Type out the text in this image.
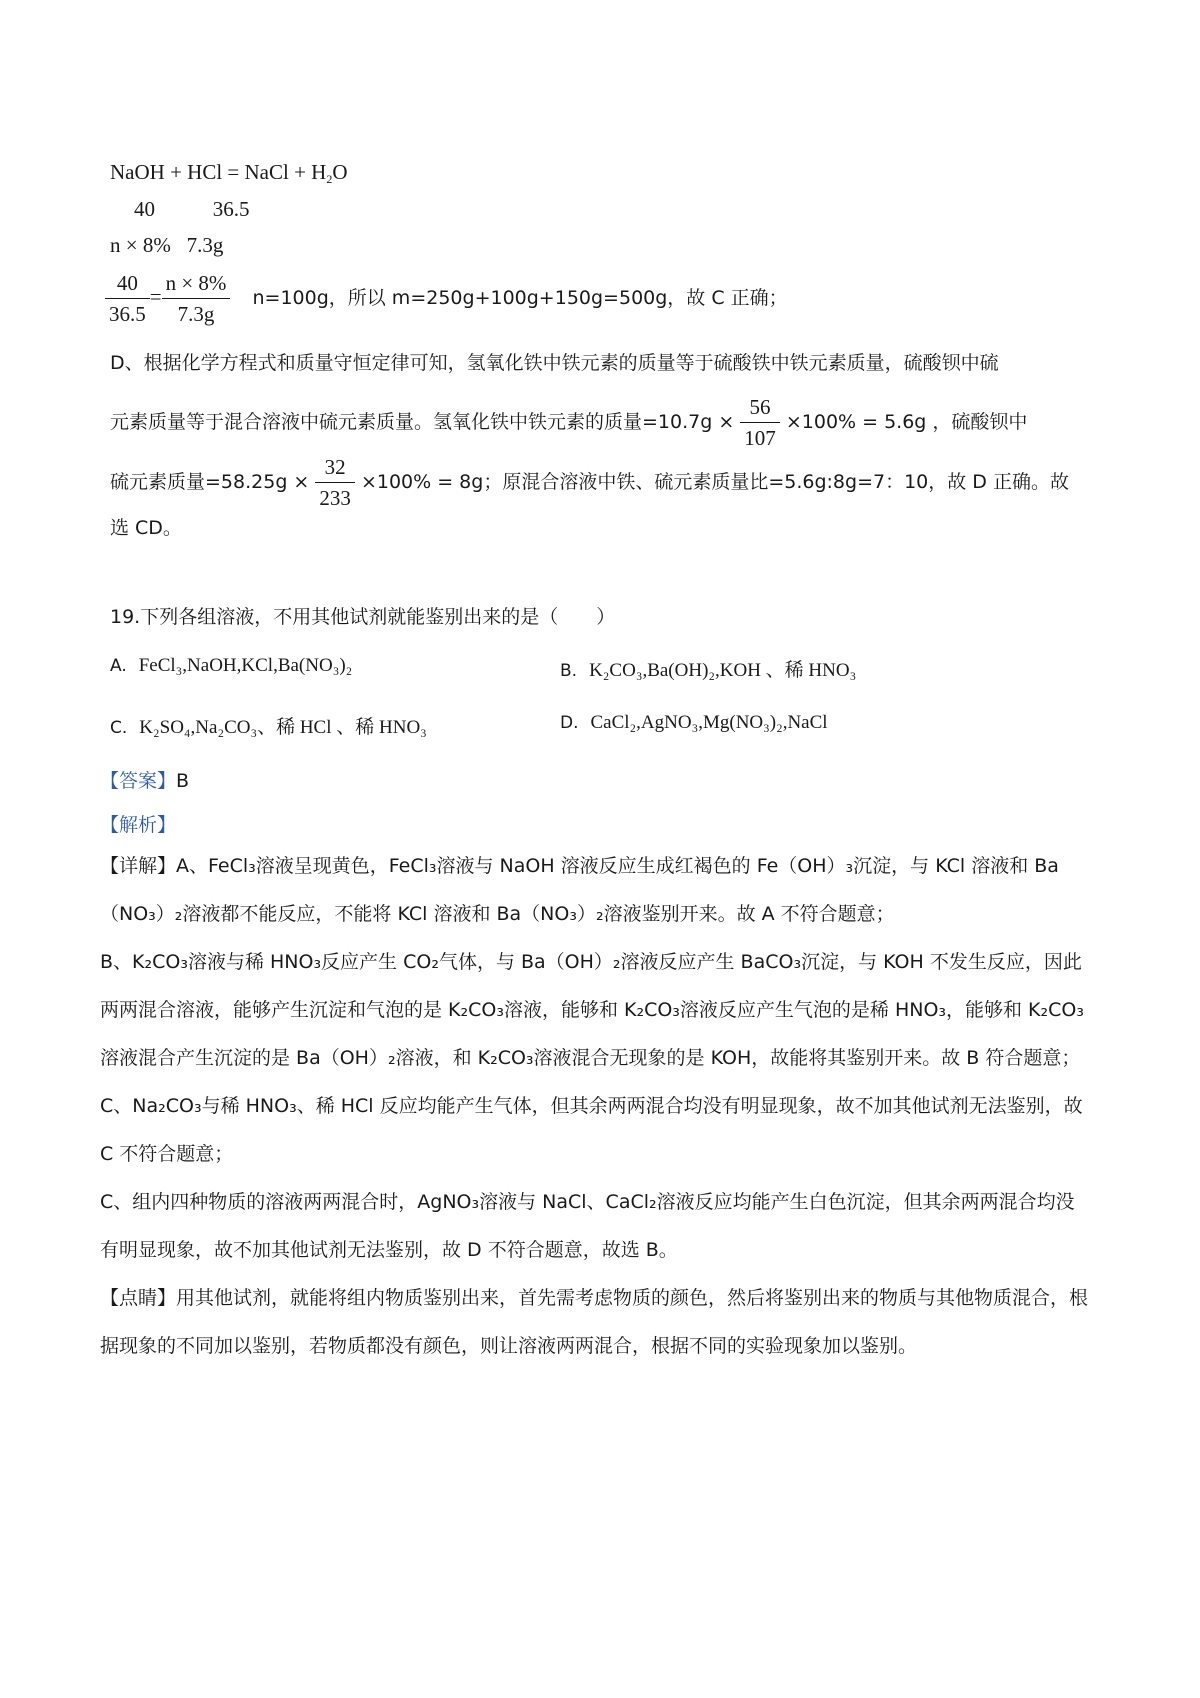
NaOH + HCl = NaCl + $H_2O$
40   36.5
n × 8%   7.3g
$\frac{40}{36.5} = \frac{n \times 8\%}{7.3g} n=100g$，所以 m=250g+100g+150g=500g，故 C 正确；
D、根据化学方程式和质量守恒定律可知，氢氧化铁中铁元素的质量等于硫酸铁中铁元素质量，硫酸钡中硫
元素质量等于混合溶液中硫元素质量。氢氧化铁中铁元素的质量$=10.7g \times \frac{56}{107} \times 100\% = 5.6g$ ，硫酸钡中
硫元素质量$=58.25g \times \frac{32}{233} \times 100\% = 8g$；原混合溶液中铁、硫元素质量比=5.6g:8g=7：10，故 D 正确。故
选 CD。
19.下列各组溶液，不用其他试剂就能鉴别出来的是（　　）
A. FeCl₃,NaOH,KCl,Ba(NO₃)₂	B. K₂CO₃,Ba(OH)₂,KOH 、稀 HNO₃
C. K₂SO₄,Na₂CO₃、稀 HCl 、稀 HNO₃	D. CaCl₂,AgNO₃,Mg(NO₃)₂,NaCl
【答案】B
【解析】
【详解】A、FeCl₃溶液呈现黄色，FeCl₃溶液与 NaOH 溶液反应生成红褐色的 Fe（OH）₃沉淀，与 KCl 溶液和 Ba（NO₃）₂溶液都不能反应，不能将 KCl 溶液和 Ba（NO₃）₂溶液鉴别开来。故 A 不符合题意；
B、K₂CO₃溶液与稀 HNO₃反应产生 CO₂气体，与 Ba（OH）₂溶液反应产生 BaCO₃沉淀，与 KOH 不发生反应，因此两两混合溶液，能够产生沉淀和气泡的是 K₂CO₃溶液，能够和 K₂CO₃溶液反应产生气泡的是稀 HNO₃，能够和 K₂CO₃溶液混合产生沉淀的是 Ba（OH）₂溶液，和 K₂CO₃溶液混合无现象的是 KOH，故能将其鉴别开来。故 B 符合题意；
C、Na₂CO₃与稀 HNO₃、稀 HCl 反应均能产生气体，但其余两两混合均没有明显现象，故不加其他试剂无法鉴别，故 C 不符合题意；
C、组内四种物质的溶液两两混合时，AgNO₃溶液与 NaCl、CaCl₂溶液反应均能产生白色沉淀，但其余两两混合均没有明显现象，故不加其他试剂无法鉴别，故 D 不符合题意，故选 B。
【点睛】用其他试剂，就能将组内物质鉴别出来，首先需考虑物质的颜色，然后将鉴别出来的物质与其他物质混合，根据现象的不同加以鉴别，若物质都没有颜色，则让溶液两两混合，根据不同的实验现象加以鉴别。
